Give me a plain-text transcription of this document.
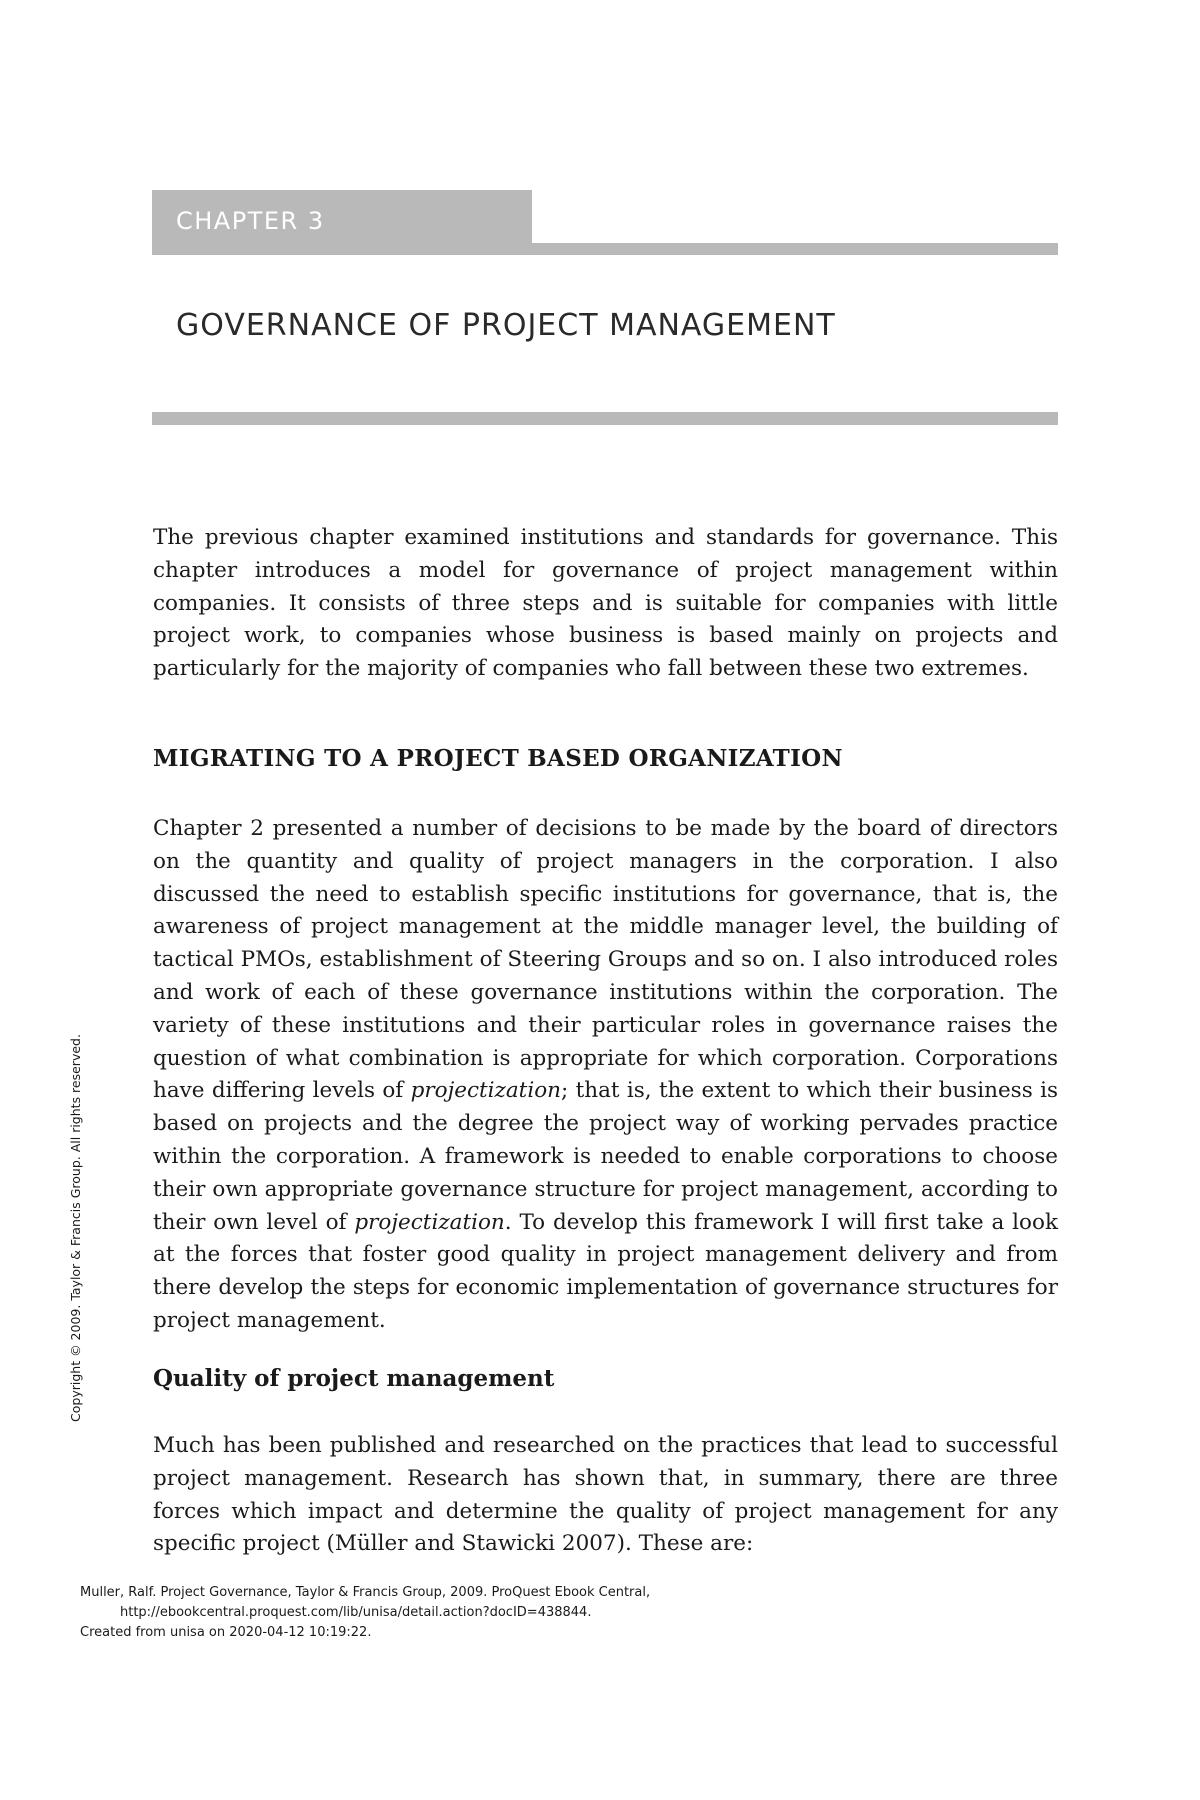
CHAPTER 3
GOVERNANCE OF PROJECT MANAGEMENT

The previous chapter examined institutions and standards for governance. This chapter introduces a model for governance of project management within companies. It consists of three steps and is suitable for companies with little project work, to companies whose business is based mainly on projects and particularly for the majority of companies who fall between these two extremes.

MIGRATING TO A PROJECT BASED ORGANIZATION

Chapter 2 presented a number of decisions to be made by the board of directors on the quantity and quality of project managers in the corporation. I also discussed the need to establish specific institutions for governance, that is, the awareness of project management at the middle manager level, the building of tactical PMOs, establishment of Steering Groups and so on. I also introduced roles and work of each of these governance institutions within the corporation. The variety of these institutions and their particular roles in governance raises the question of what combination is appropriate for which corporation. Corporations have differing levels of projectization; that is, the extent to which their business is based on projects and the degree the project way of working pervades practice within the corporation. A framework is needed to enable corporations to choose their own appropriate governance structure for project management, according to their own level of projectization. To develop this framework I will first take a look at the forces that foster good quality in project management delivery and from there develop the steps for economic implementation of governance structures for project management.

Quality of project management

Much has been published and researched on the practices that lead to successful project management. Research has shown that, in summary, there are three forces which impact and determine the quality of project management for any specific project (Müller and Stawicki 2007). These are:

Copyright © 2009. Taylor & Francis Group. All rights reserved.
Muller, Ralf. Project Governance, Taylor & Francis Group, 2009. ProQuest Ebook Central,
http://ebookcentral.proquest.com/lib/unisa/detail.action?docID=438844.
Created from unisa on 2020-04-12 10:19:22.
